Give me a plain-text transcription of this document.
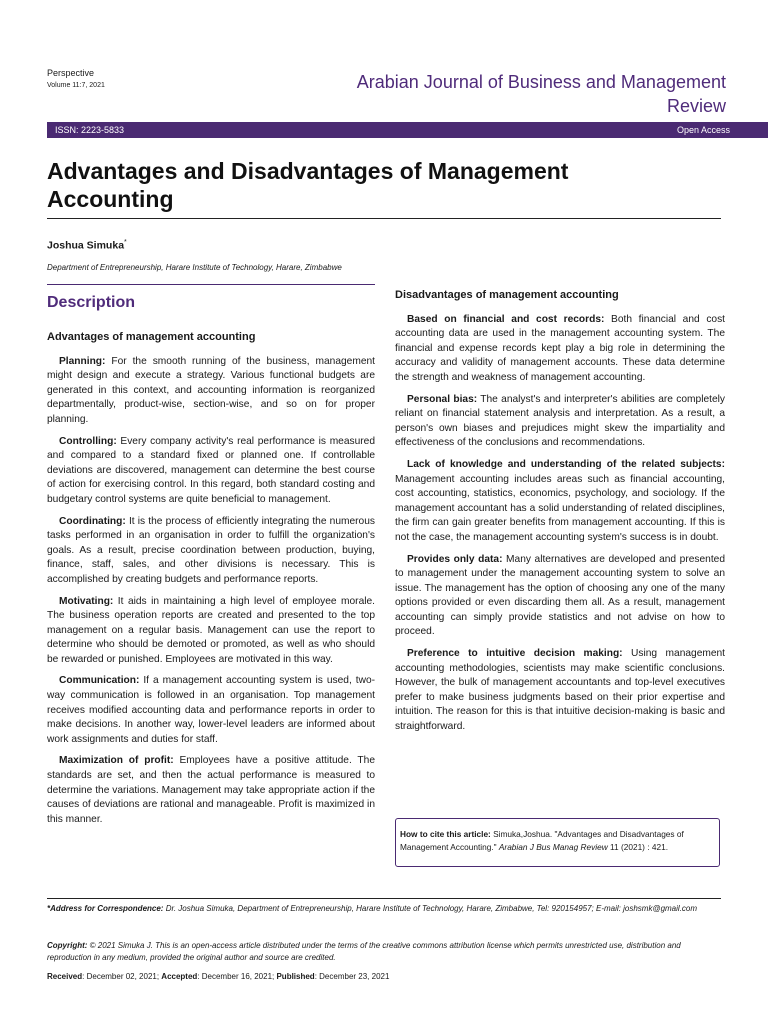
Perspective
Volume 11:7, 2021	Arabian Journal of Business and Management Review
ISSN: 2223-5833	Open Access
Advantages and Disadvantages of Management Accounting
Joshua Simuka*
Department of Entrepreneurship, Harare Institute of Technology, Harare, Zimbabwe
Description
Advantages of management accounting

Planning: For the smooth running of the business, management might design and execute a strategy. Various functional budgets are generated in this context, and accounting information is reorganized departmentally, product-wise, section-wise, and so on for proper planning.

Controlling: Every company activity's real performance is measured and compared to a standard fixed or planned one. If controllable deviations are discovered, management can determine the best course of action for exercising control. In this regard, both standard costing and budgetary control systems are quite beneficial to management.

Coordinating: It is the process of efficiently integrating the numerous tasks performed in an organisation in order to fulfill the organization's goals. As a result, precise coordination between production, buying, finance, staff, sales, and other divisions is necessary. This is accomplished by creating budgets and performance reports.

Motivating: It aids in maintaining a high level of employee morale. The business operation reports are created and presented to the top management on a regular basis. Management can use the report to determine who should be demoted or promoted, as well as who should be rewarded or punished. Employees are motivated in this way.

Communication: If a management accounting system is used, two-way communication is followed in an organisation. Top management receives modified accounting data and performance reports in order to make decisions. In another way, lower-level leaders are informed about work assignments and duties for staff.

Maximization of profit: Employees have a positive attitude. The standards are set, and then the actual performance is measured to determine the variations. Management may take appropriate action if the causes of deviations are rational and manageable. Profit is maximized in this manner.

Disadvantages of management accounting

Based on financial and cost records: Both financial and cost accounting data are used in the management accounting system. The financial and expense records kept play a big role in determining the accuracy and validity of management accounts. These data determine the strength and weakness of management accounting.

Personal bias: The analyst's and interpreter's abilities are completely reliant on financial statement analysis and interpretation. As a result, a person's own biases and prejudices might skew the impartiality and effectiveness of the conclusions and recommendations.

Lack of knowledge and understanding of the related subjects: Management accounting includes areas such as financial accounting, cost accounting, statistics, economics, psychology, and sociology. If the management accountant has a solid understanding of related disciplines, the firm can gain greater benefits from management accounting. If this is not the case, the management accounting system's success is in doubt.

Provides only data: Many alternatives are developed and presented to management under the management accounting system to solve an issue. The management has the option of choosing any one of the many options provided or even discarding them all. As a result, management accounting can simply provide statistics and not advise on how to proceed.

Preference to intuitive decision making: Using management accounting methodologies, scientists may make scientific conclusions. However, the bulk of management accountants and top-level executives prefer to make business judgments based on their prior expertise and intuition. The reason for this is that intuitive decision-making is basic and straightforward.

How to cite this article: Simuka,Joshua. "Advantages and Disadvantages of Management Accounting." Arabian J Bus Manag Review 11 (2021) : 421.
*Address for Correspondence: Dr. Joshua Simuka, Department of Entrepreneurship, Harare Institute of Technology, Harare, Zimbabwe, Tel: 920154957; E-mail: joshsmk@gmail.com
Copyright: © 2021 Simuka J. This is an open-access article distributed under the terms of the creative commons attribution license which permits unrestricted use, distribution and reproduction in any medium, provided the original author and source are credited.
Received: December 02, 2021; Accepted: December 16, 2021; Published: December 23, 2021
